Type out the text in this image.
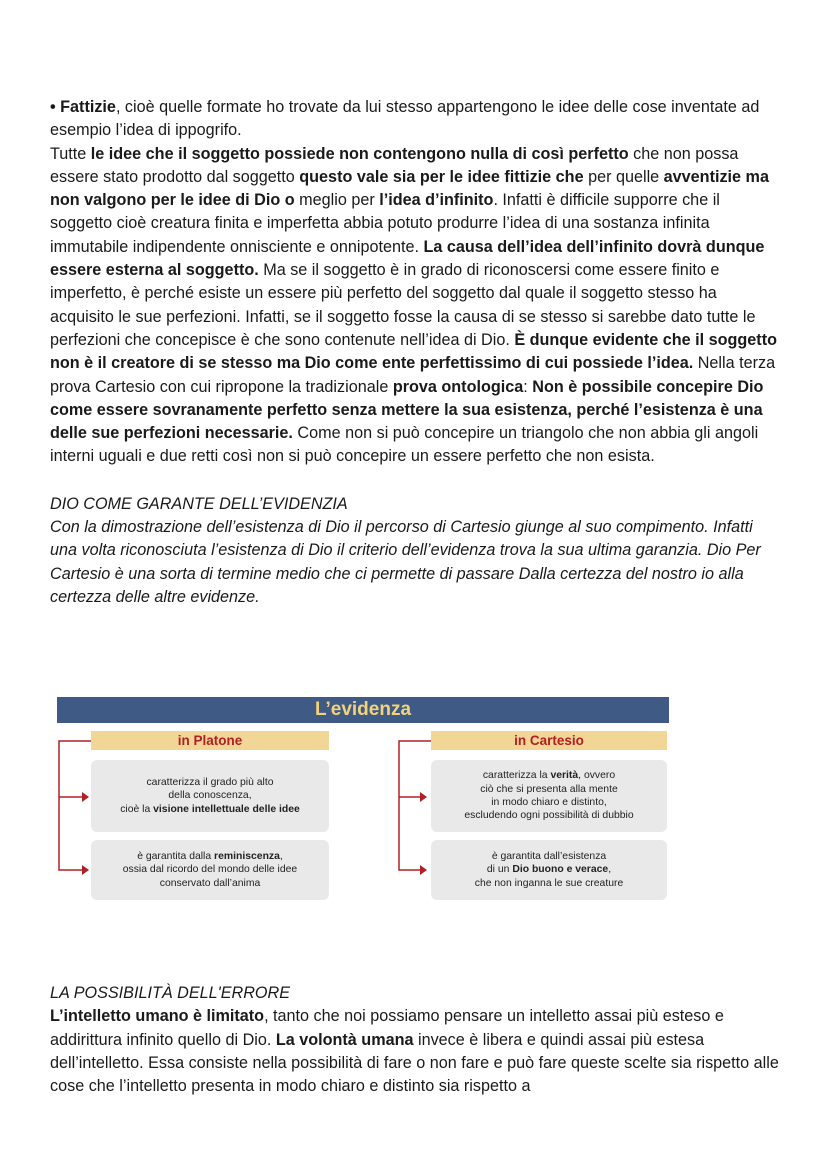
• Fattizie, cioè quelle formate ho trovate da lui stesso appartengono le idee delle cose inventate ad esempio l’idea di ippogrifo.

Tutte le idee che il soggetto possiede non contengono nulla di così perfetto che non possa essere stato prodotto dal soggetto questo vale sia per le idee fittizie che per quelle avventizie ma non valgono per le idee di Dio o meglio per l’idea d’infinito. Infatti è difficile supporre che il soggetto cioè creatura finita e imperfetta abbia potuto produrre l’idea di una sostanza infinita immutabile indipendente onnisciente e onnipotente. La causa dell’idea dell’infinito dovrà dunque essere esterna al soggetto. Ma se il soggetto è in grado di riconoscersi come essere finito e imperfetto, è perché esiste un essere più perfetto del soggetto dal quale il soggetto stesso ha acquisito le sue perfezioni. Infatti, se il soggetto fosse la causa di se stesso si sarebbe dato tutte le perfezioni che concepisce è che sono contenute nell’idea di Dio. È dunque evidente che il soggetto non è il creatore di se stesso ma Dio come ente perfettissimo di cui possiede l’idea. Nella terza prova Cartesio con cui ripropone la tradizionale prova ontologica: Non è possibile concepire Dio come essere sovranamente perfetto senza mettere la sua esistenza, perché l’esistenza è una delle sue perfezioni necessarie. Come non si può concepire un triangolo che non abbia gli angoli interni uguali e due retti così non si può concepire un essere perfetto che non esista.

DIO COME GARANTE DELL’EVIDENZIA

Con la dimostrazione dell’esistenza di Dio il percorso di Cartesio giunge al suo compimento. Infatti una volta riconosciuta l’esistenza di Dio il criterio dell’evidenza trova la sua ultima garanzia. Dio Per Cartesio è una sorta di termine medio che ci permette di passare Dalla certezza del nostro io alla certezza delle altre evidenze.

L’evidenza
in Platone	in Cartesio
caratterizza il grado più alto
della conoscenza,
cioè la visione intellettuale delle idee
è garantita dalla reminiscenza,
ossia dal ricordo del mondo delle idee
conservato dall’anima
caratterizza la verità, ovvero
ciò che si presenta alla mente
in modo chiaro e distinto,
escludendo ogni possibilità di dubbio
è garantita dall’esistenza
di un Dio buono e verace,
che non inganna le sue creature

LA POSSIBILITÀ DELL'ERRORE

L’intelletto umano è limitato, tanto che noi possiamo pensare un intelletto assai più esteso e addirittura infinito quello di Dio. La volontà umana invece è libera e quindi assai più estesa dell’intelletto. Essa consiste nella possibilità di fare o non fare e può fare queste scelte sia rispetto alle cose che l’intelletto presenta in modo chiaro e distinto sia rispetto a
